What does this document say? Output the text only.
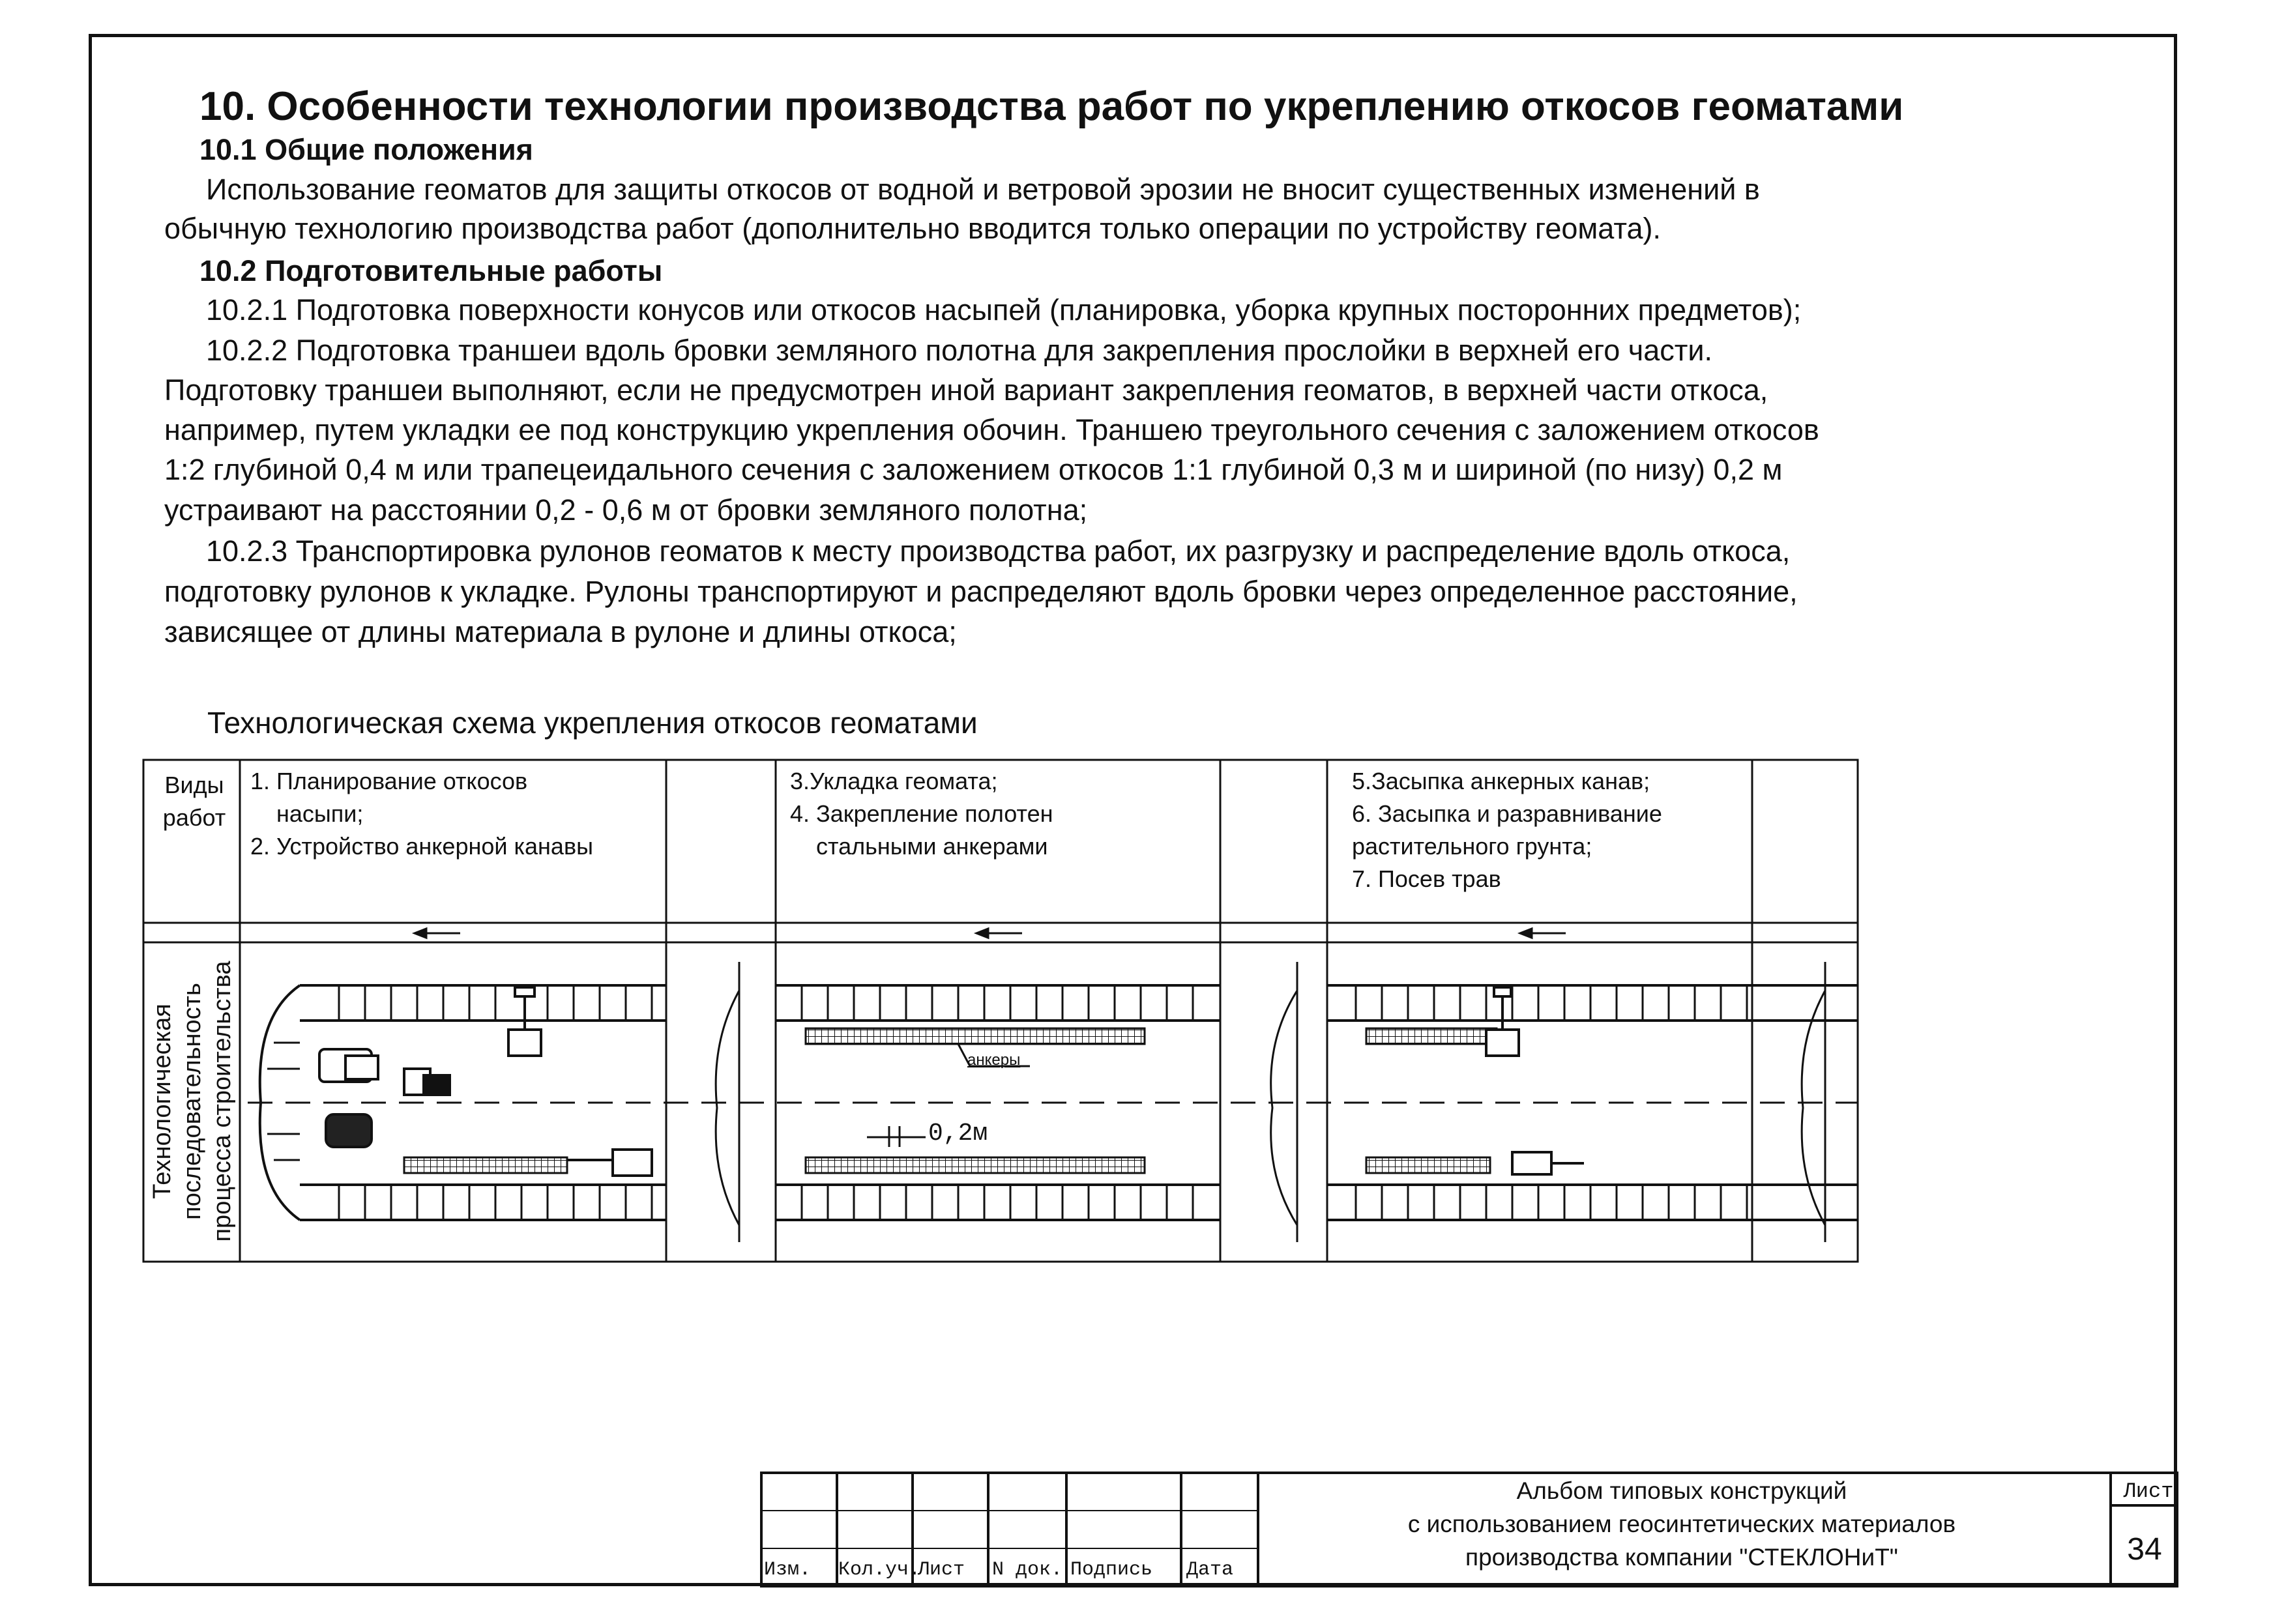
10. Особенности технологии производства работ по укреплению откосов геоматами
10.1 Общие положения
Использование геоматов для защиты откосов от водной и ветровой эрозии не вносит существенных изменений в
обычную технологию производства работ (дополнительно вводится только операции по устройству геомата).
10.2 Подготовительные работы
10.2.1 Подготовка поверхности конусов или откосов насыпей (планировка, уборка крупных посторонних предметов);
10.2.2 Подготовка траншеи вдоль бровки земляного полотна для закрепления прослойки в верхней его части.
Подготовку траншеи выполняют, если не предусмотрен иной вариант закрепления геоматов, в верхней части откоса,
например, путем укладки ее под конструкцию укрепления обочин. Траншею треугольного сечения с заложением откосов
1:2 глубиной 0,4 м или трапецеидального сечения с заложением откосов 1:1 глубиной 0,3 м и шириной (по низу) 0,2 м
устраивают на расстоянии 0,2 - 0,6 м от бровки земляного полотна;
10.2.3 Транспортировка рулонов геоматов к месту производства работ, их разгрузку и распределение вдоль откоса,
подготовку рулонов к укладке. Рулоны транспортируют и распределяют вдоль бровки через определенное расстояние,
зависящее от длины материала в рулоне и длины откоса;
Технологическая схема укрепления откосов геоматами
Виды
работ
1. Планирование откосов
насыпи;
2. Устройство анкерной канавы
3.Укладка геомата;
4. Закрепление полотен
стальными анкерами
5.Засыпка анкерных канав;
6. Засыпка и разравнивание
растительного грунта;
7. Посев трав
Технологическая последовательность процесса строительства	анкеры
0,2м
Изм. Кол.уч.
Лист N док. Подпись Дата
Альбом типовых конструкций
с использованием геосинтетических материалов
производства компании "СТЕКЛОНиТ"
Лист
34
